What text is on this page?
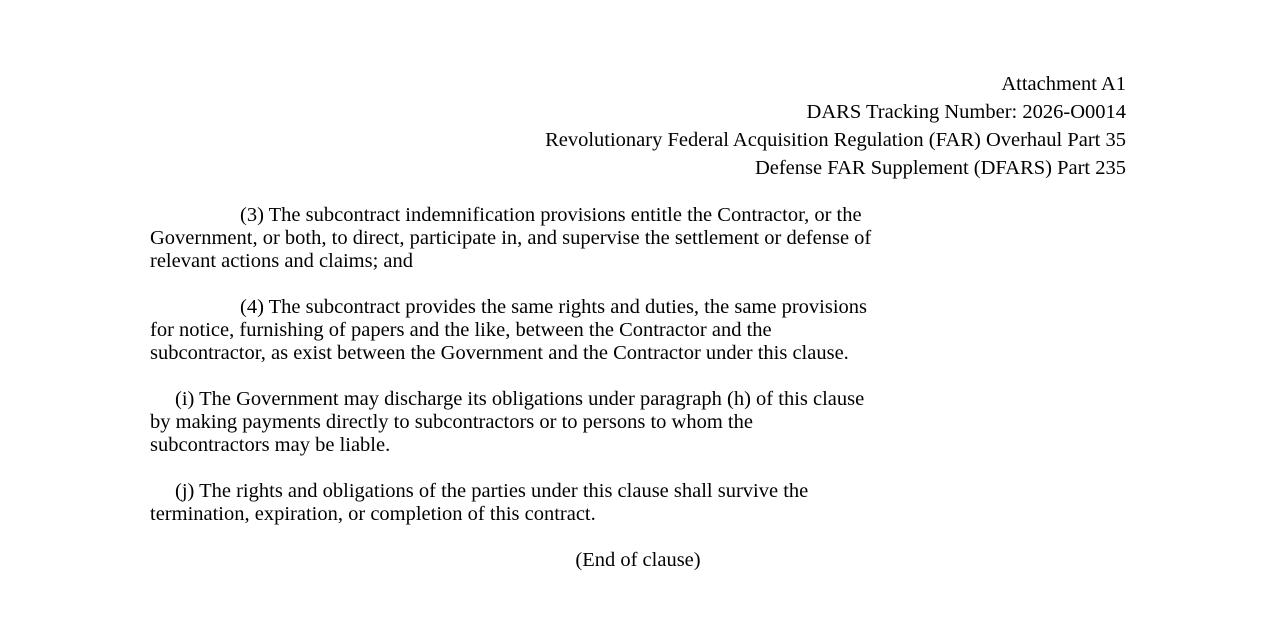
Attachment A1
DARS Tracking Number: 2026-O0014
Revolutionary Federal Acquisition Regulation (FAR) Overhaul Part 35
Defense FAR Supplement (DFARS) Part 235
(3) The subcontract indemnification provisions entitle the Contractor, or the
Government, or both, to direct, participate in, and supervise the settlement or defense of
relevant actions and claims; and
(4) The subcontract provides the same rights and duties, the same provisions
for notice, furnishing of papers and the like, between the Contractor and the
subcontractor, as exist between the Government and the Contractor under this clause.
(i) The Government may discharge its obligations under paragraph (h) of this clause
by making payments directly to subcontractors or to persons to whom the
subcontractors may be liable.
(j) The rights and obligations of the parties under this clause shall survive the
termination, expiration, or completion of this contract.
(End of clause)
